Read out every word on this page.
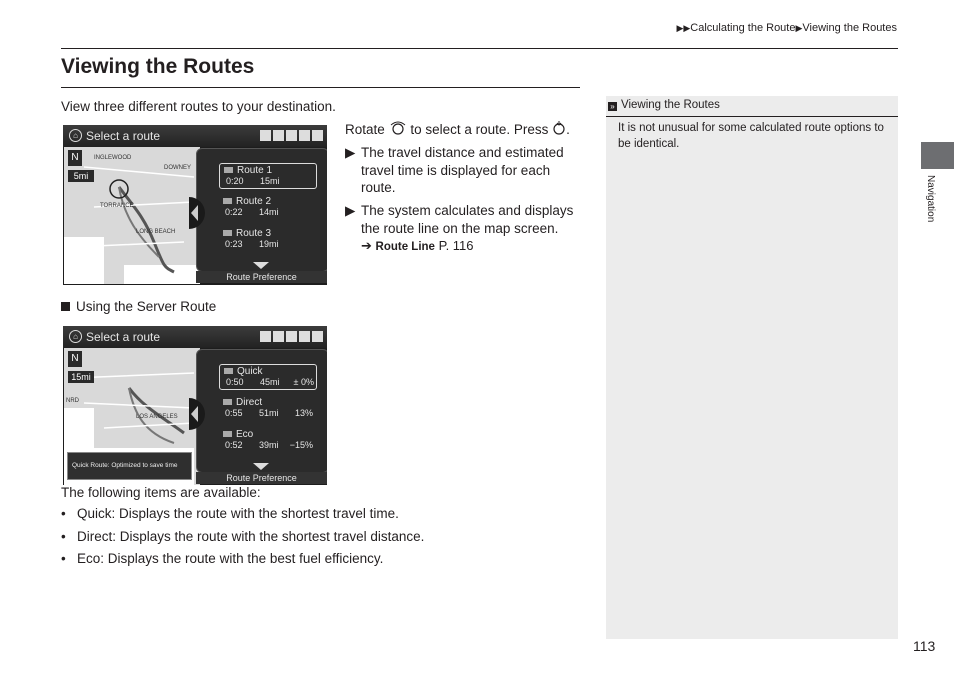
▶▶Calculating the Route▶Viewing the Routes
Viewing the Routes
View three different routes to your destination.
⌂ Select a route
N
5mi
INGLEWOOD
DOWNEY
TORRANCE
LONG BEACH
Route 1
0:20 15mi
Route 2
0:22 14mi
Route 3
0:23 19mi
Route Preference
Rotate to select a route. Press .
▶ The travel distance and estimated travel time is displayed for each route.
▶ The system calculates and displays the route line on the map screen.
➔ Route Line P. 116
Using the Server Route
⌂ Select a route
N
15mi
NRD
LOS ANGELES
Quick Route: Optimized to save time
Quick
0:50 45mi ± 0%
Direct
0:55 51mi 13%
Eco
0:52 39mi −15%
Route Preference
The following items are available:
• Quick: Displays the route with the shortest travel time.
• Direct: Displays the route with the shortest travel distance.
• Eco: Displays the route with the best fuel efficiency.
» Viewing the Routes
It is not unusual for some calculated route options to be identical.
Navigation
113
